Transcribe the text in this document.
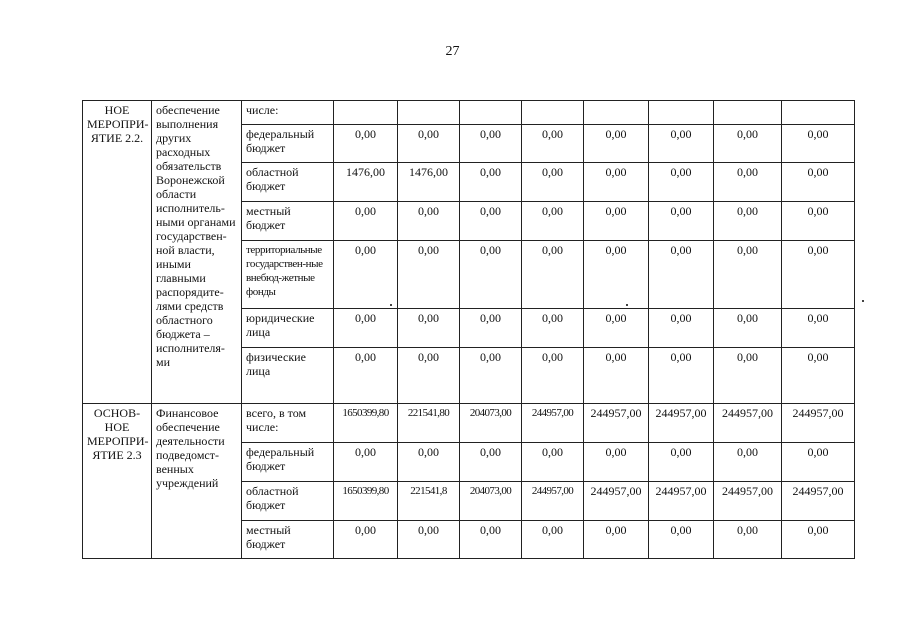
27
НОЕ МЕРОПРИ-ЯТИЕ 2.2.	обеспечение выполнения других расходных обязательств Воронежской области исполнитель-ными органами государствен-ной власти, иными главными распорядите-лями средств областного бюджета – исполнителя-ми	числе:								
		федеральный бюджет	0,00	0,00	0,00	0,00	0,00	0,00	0,00	0,00
		областной бюджет	1476,00	1476,00	0,00	0,00	0,00	0,00	0,00	0,00
		местный бюджет	0,00	0,00	0,00	0,00	0,00	0,00	0,00	0,00
		территориальные государствен-ные внебюд-жетные фонды	0,00	0,00	0,00	0,00	0,00	0,00	0,00	0,00
		юридические лица	0,00	0,00	0,00	0,00	0,00	0,00	0,00	0,00
		физические лица	0,00	0,00	0,00	0,00	0,00	0,00	0,00	0,00
ОСНОВ-НОЕ МЕРОПРИ-ЯТИЕ 2.3	Финансовое обеспечение деятельности подведомст-венных учреждений	всего, в том числе:	1650399,80	221541,80	204073,00	244957,00	244957,00	244957,00	244957,00	244957,00
		федеральный бюджет	0,00	0,00	0,00	0,00	0,00	0,00	0,00	0,00
		областной бюджет	1650399,80	221541,8	204073,00	244957,00	244957,00	244957,00	244957,00	244957,00
		местный бюджет	0,00	0,00	0,00	0,00	0,00	0,00	0,00	0,00
